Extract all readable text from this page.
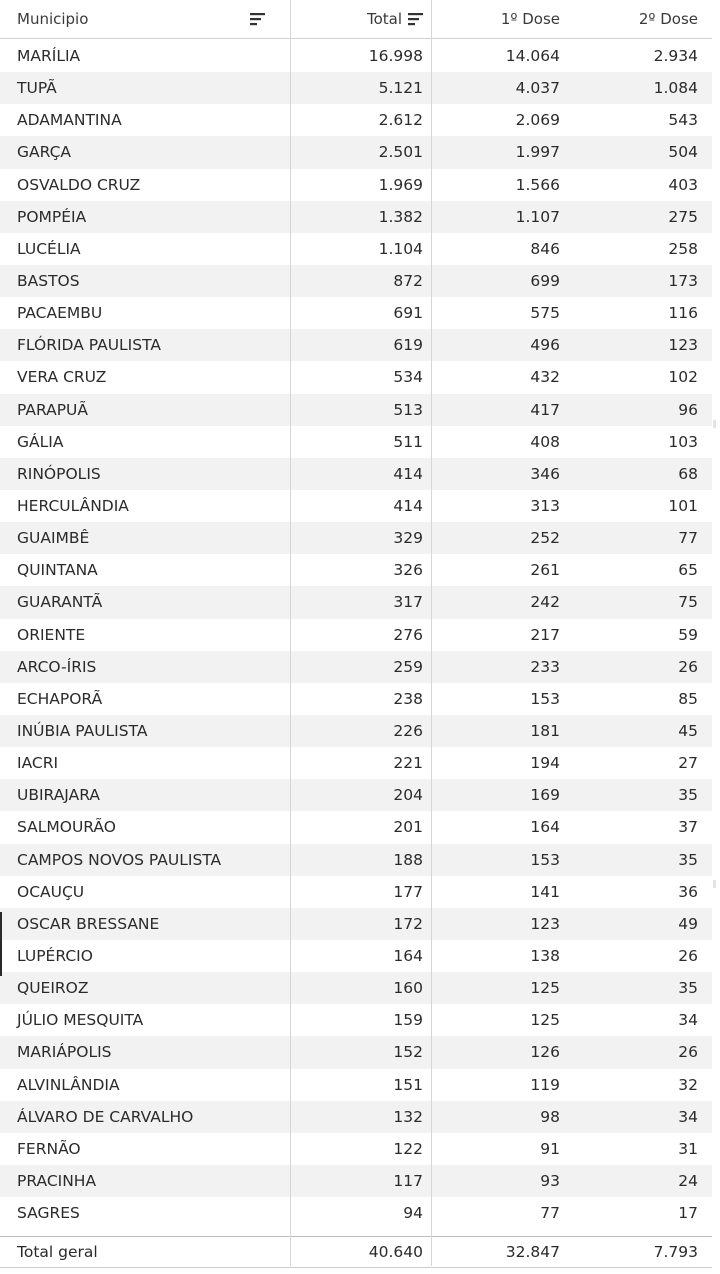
Municipio	Total	1º Dose	2º Dose
MARÍLIA	16.998	14.064	2.934
TUPÃ	5.121	4.037	1.084
ADAMANTINA	2.612	2.069	543
GARÇA	2.501	1.997	504
OSVALDO CRUZ	1.969	1.566	403
POMPÉIA	1.382	1.107	275
LUCÉLIA	1.104	846	258
BASTOS	872	699	173
PACAEMBU	691	575	116
FLÓRIDA PAULISTA	619	496	123
VERA CRUZ	534	432	102
PARAPUÃ	513	417	96
GÁLIA	511	408	103
RINÓPOLIS	414	346	68
HERCULÂNDIA	414	313	101
GUAIMBÊ	329	252	77
QUINTANA	326	261	65
GUARANTÃ	317	242	75
ORIENTE	276	217	59
ARCO-ÍRIS	259	233	26
ECHAPORÃ	238	153	85
INÚBIA PAULISTA	226	181	45
IACRI	221	194	27
UBIRAJARA	204	169	35
SALMOURÃO	201	164	37
CAMPOS NOVOS PAULISTA	188	153	35
OCAUÇU	177	141	36
OSCAR BRESSANE	172	123	49
LUPÉRCIO	164	138	26
QUEIROZ	160	125	35
JÚLIO MESQUITA	159	125	34
MARIÁPOLIS	152	126	26
ALVINLÂNDIA	151	119	32
ÁLVARO DE CARVALHO	132	98	34
FERNÃO	122	91	31
PRACINHA	117	93	24
SAGRES	94	77	17
Total geral	40.640	32.847	7.793
